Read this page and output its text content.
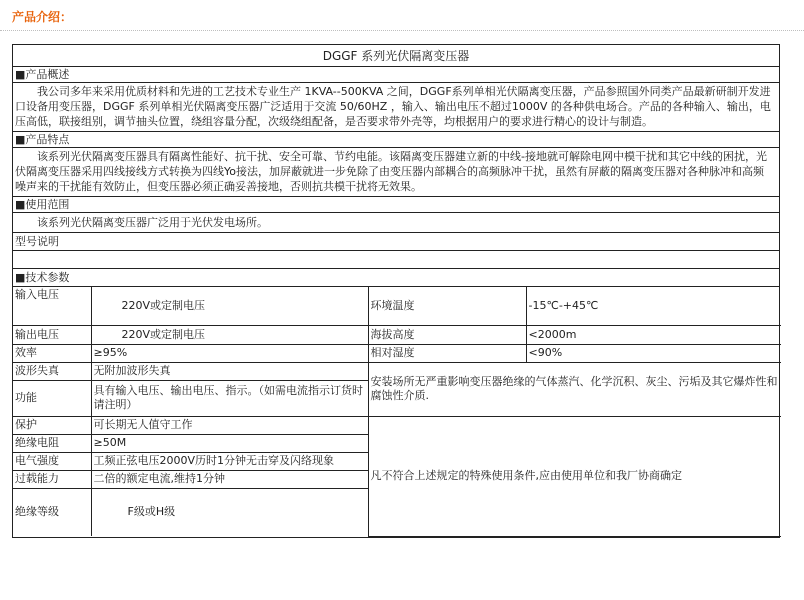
产品介绍：
DGGF 系列光伏隔离变压器
■产品概述
我公司多年来采用优质材料和先进的工艺技术专业生产 1KVA--500KVA 之间，DGGF系列单相光伏隔离变压器，产品参照国外同类产品最新研制开发进口设备用变压器，DGGF 系列单相光伏隔离变压器广泛适用于交流 50/60HZ ，输入、输出电压不超过1000V 的各种供电场合。产品的各种输入、输出，电压高低，联接组别，调节抽头位置，绕组容量分配，次级绕组配备，是否要求带外壳等，均根据用户的要求进行精心的设计与制造。
■产品特点
该系列光伏隔离变压器具有隔离性能好、抗干扰、安全可靠、节约电能。该隔离变压器建立新的中线-接地就可解除电网中模干扰和其它中线的困扰，光伏隔离变压器采用四线接线方式转换为四线Yo接法，加屏蔽就进一步免除了由变压器内部耦合的高频脉冲干扰，虽然有屏蔽的隔离变压器对各种脉冲和高频噪声来的干扰能有效防止，但变压器必须正确妥善接地，否则抗共模干扰将无效果。
■使用范围
该系列光伏隔离变压器广泛用于光伏发电场所。
型号说明
■技术参数
输入电压	220V或定制电压	环境温度	-15℃-+45℃
输出电压	220V或定制电压	海拔高度	<2000m
效率	≥95%	相对湿度	<90%
波形失真	无附加波形失真	安装场所无严重影响变压器绝缘的气体蒸汽、化学沉积、灰尘、污垢及其它爆炸性和腐蚀性介质.	
功能	具有输入电压、输出电压、指示。（如需电流指示订货时请注明）		
保护	可长期无人值守工作	凡不符合上述规定的特殊使用条件,应由使用单位和我厂协商确定	
绝缘电阻	≥50M		
电气强度	工频正弦电压2000V历时1分钟无击穿及闪络现象		
过载能力	二倍的额定电流,维持1分钟		
绝缘等级	F级或H级		
